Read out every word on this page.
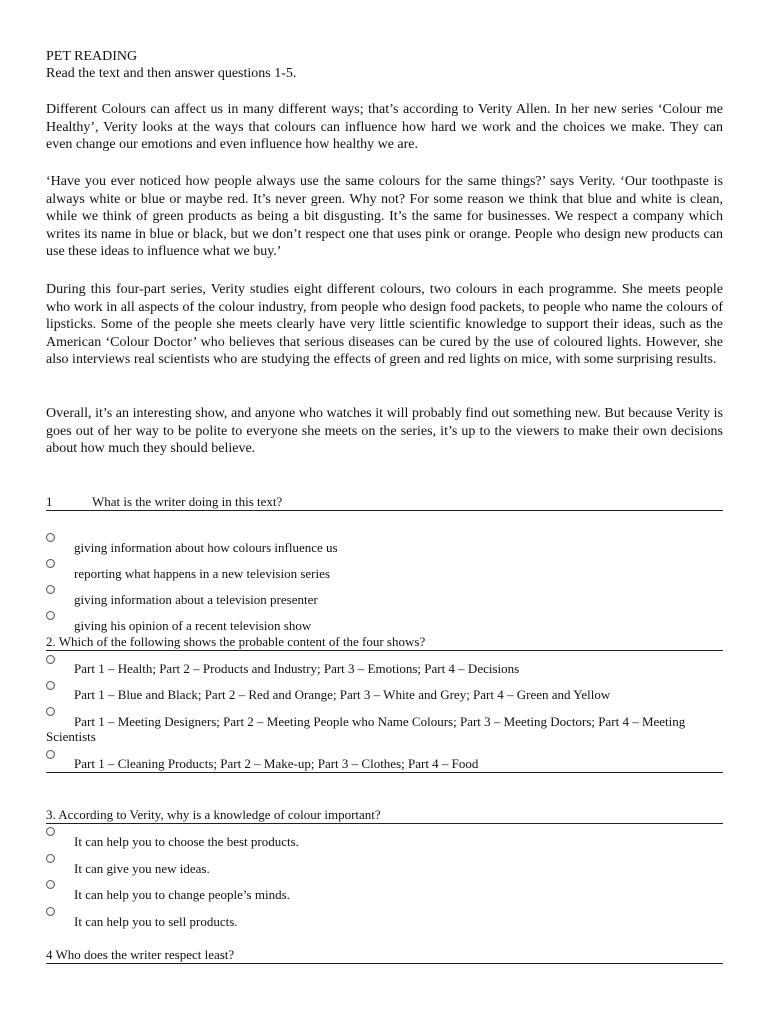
PET READING
Read the text and then answer questions 1-5.

Different Colours can affect us in many different ways; that’s according to Verity Allen. In her new series ‘Colour me Healthy’, Verity looks at the ways that colours can influence how hard we work and the choices we make. They can even change our emotions and even influence how healthy we are.

‘Have you ever noticed how people always use the same colours for the same things?’ says Verity. ‘Our toothpaste is always white or blue or maybe red. It’s never green. Why not? For some reason we think that blue and white is clean, while we think of green products as being a bit disgusting. It’s the same for businesses. We respect a company which writes its name in blue or black, but we don’t respect one that uses pink or orange. People who design new products can use these ideas to influence what we buy.’

During this four-part series, Verity studies eight different colours, two colours in each programme. She meets people who work in all aspects of the colour industry, from people who design food packets, to people who name the colours of lipsticks. Some of the people she meets clearly have very little scientific knowledge to support their ideas, such as the American ‘Colour Doctor’ who believes that serious diseases can be cured by the use of coloured lights. However, she also interviews real scientists who are studying the effects of green and red lights on mice, with some surprising results.

Overall, it’s an interesting show, and anyone who watches it will probably find out something new. But because Verity is goes out of her way to be polite to everyone she meets on the series, it’s up to the viewers to make their own decisions about how much they should believe.

1	What is the writer doing in this text?
giving information about how colours influence us
reporting what happens in a new television series
giving information about a television presenter
giving his opinion of a recent television show
2. Which of the following shows the probable content of the four shows?
Part 1 – Health; Part 2 – Products and Industry; Part 3 – Emotions; Part 4 – Decisions
Part 1 – Blue and Black; Part 2 – Red and Orange; Part 3 – White and Grey; Part 4 – Green and Yellow
Part 1 – Meeting Designers; Part 2 – Meeting People who Name Colours; Part 3 – Meeting Doctors; Part 4 – Meeting Scientists
Part 1 – Cleaning Products; Part 2 – Make-up; Part 3 – Clothes; Part 4 – Food
3. According to Verity, why is a knowledge of colour important?
It can help you to choose the best products.
It can give you new ideas.
It can help you to change people’s minds.
It can help you to sell products.
4 Who does the writer respect least?
